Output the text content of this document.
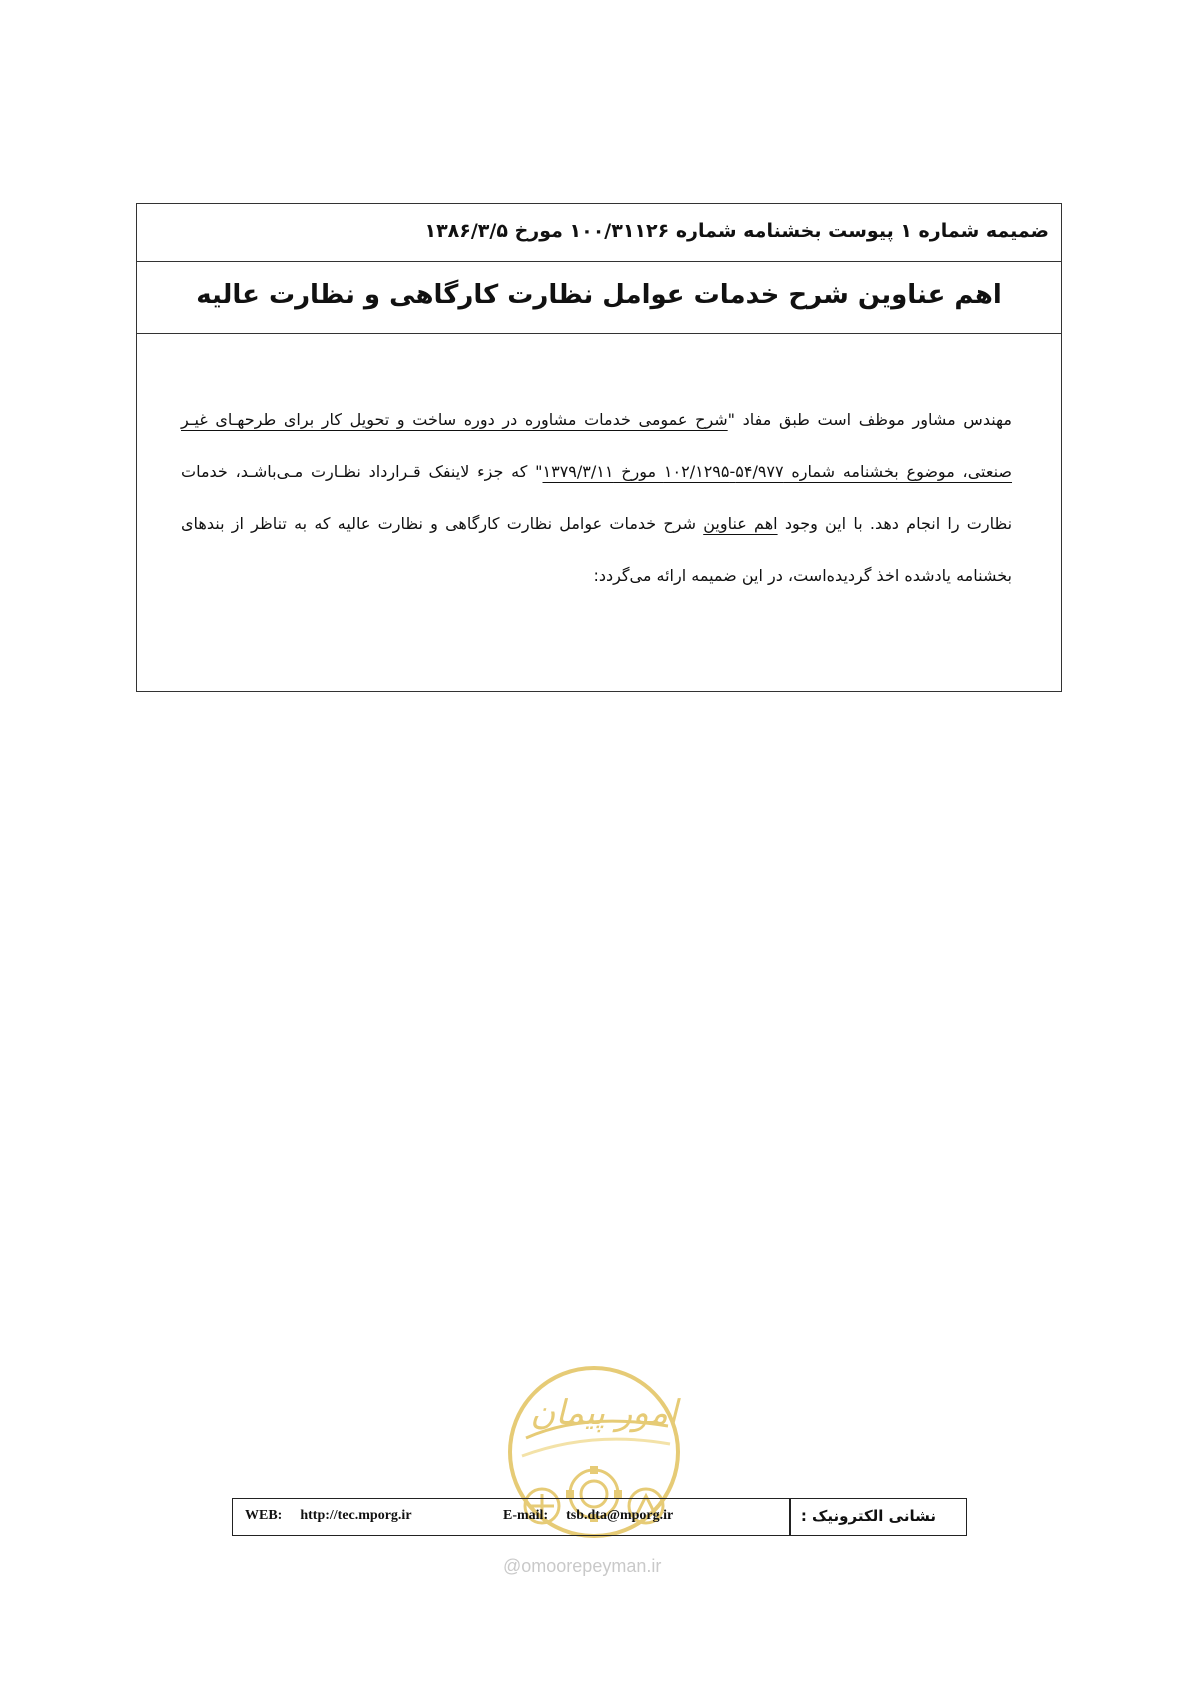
ضمیمه شماره ۱ پیوست بخشنامه شماره ۱۰۰/۳۱۱۲۶ مورخ ۱۳۸۶/۳/۵
اهم عناوین شرح خدمات عوامل نظارت کارگاهی و نظارت عالیه
مهندس مشاور موظف است طبق مفاد "شرح عمومی خدمات مشاوره در دوره ساخت و تحویل کار برای طرحهـای غیـر صنعتی، موضوع بخشنامه شماره ۵۴/۹۷۷-۱۰۲/۱۲۹۵ مورخ ۱۳۷۹/۳/۱۱" که جزء لاینفک قـرارداد نظـارت مـی‌باشـد، خدمات نظارت را انجام دهد. با این وجود اهم عناوین شرح خدمات عوامل نظارت کارگاهی و نظارت عالیه که به تناظر از بندهای بخشنامه یادشده اخذ گردیده‌است، در این ضمیمه ارائه می‌گردد:
امور پیمان
WEB: http://tec.mporg.ir	E-mail: tsb.dta@mporg.ir	نشانی الکترونیک :
@omoorepeyman.ir
